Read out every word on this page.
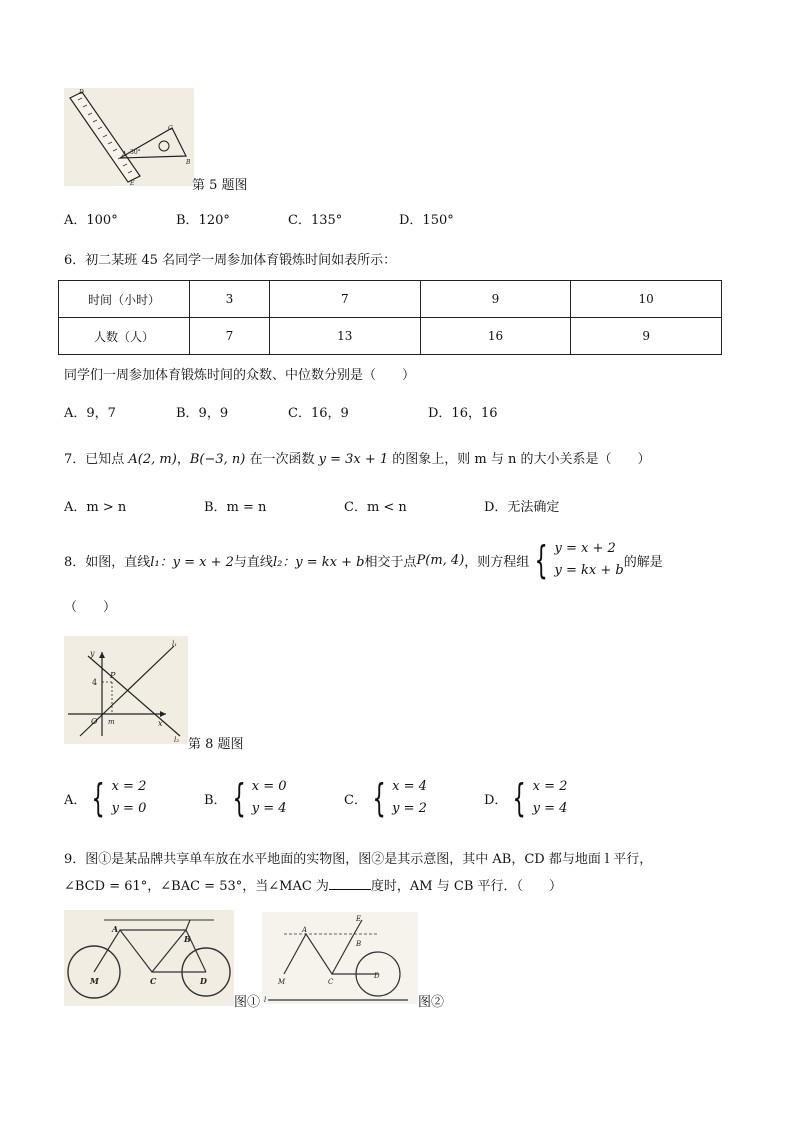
D
A
E
C
B
30°
第 5 题图
A．100°	B．120°	C．135°	D．150°
6．初二某班 45 名同学一周参加体育锻炼时间如表所示：
时间（小时）	3	7	9	10
人数（人）	7	13	16	9
同学们一周参加体育锻炼时间的众数、中位数分别是（　　）
A．9，7	B．9，9	C．16，9	D．16，16
7．已知点 A(2, m)，B(−3, n) 在一次函数 y = 3x + 1 的图象上，则 m 与 n 的大小关系是（　　）
A．m > n	B．m = n	C．m < n	D．无法确定
8．如图，直线 l₁：y = x + 2 与直线 l₂：y = kx + b 相交于点 P(m, 4) ，则方程组 { y = x + 2
y = kx + b
的解是
（　　）
y
x
4
P
O m
l₁
l₂ 第 8 题图
A． { x = 2
y = 0
B． { x = 0
y = 4
C． { x = 4
y = 2
D． { x = 2
y = 4
9．图①是某品牌共享单车放在水平地面的实物图，图②是其示意图，其中 AB，CD 都与地面 l 平行，
∠BCD = 61°，∠BAC = 53°，当∠MAC 为	度时，AM 与 CB 平行．（　　）
A
B
M	C	D
图①
E
A
B
M	C
D
l	图②
